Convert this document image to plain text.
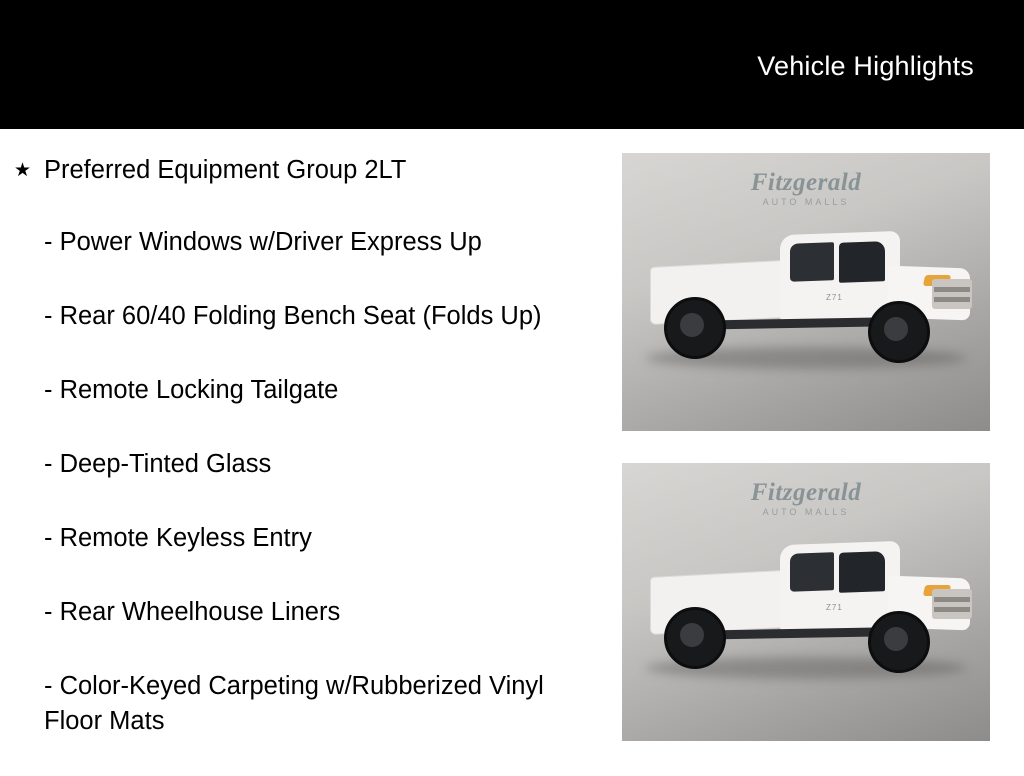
Vehicle Highlights
★ Preferred Equipment Group 2LT
- Power Windows w/Driver Express Up
- Rear 60/40 Folding Bench Seat (Folds Up)
- Remote Locking Tailgate
- Deep-Tinted Glass
- Remote Keyless Entry
- Rear Wheelhouse Liners
- Color-Keyed Carpeting w/Rubberized Vinyl Floor Mats
Fitzgerald
AUTO MALLS
Z71
Fitzgerald
AUTO MALLS
Z71
